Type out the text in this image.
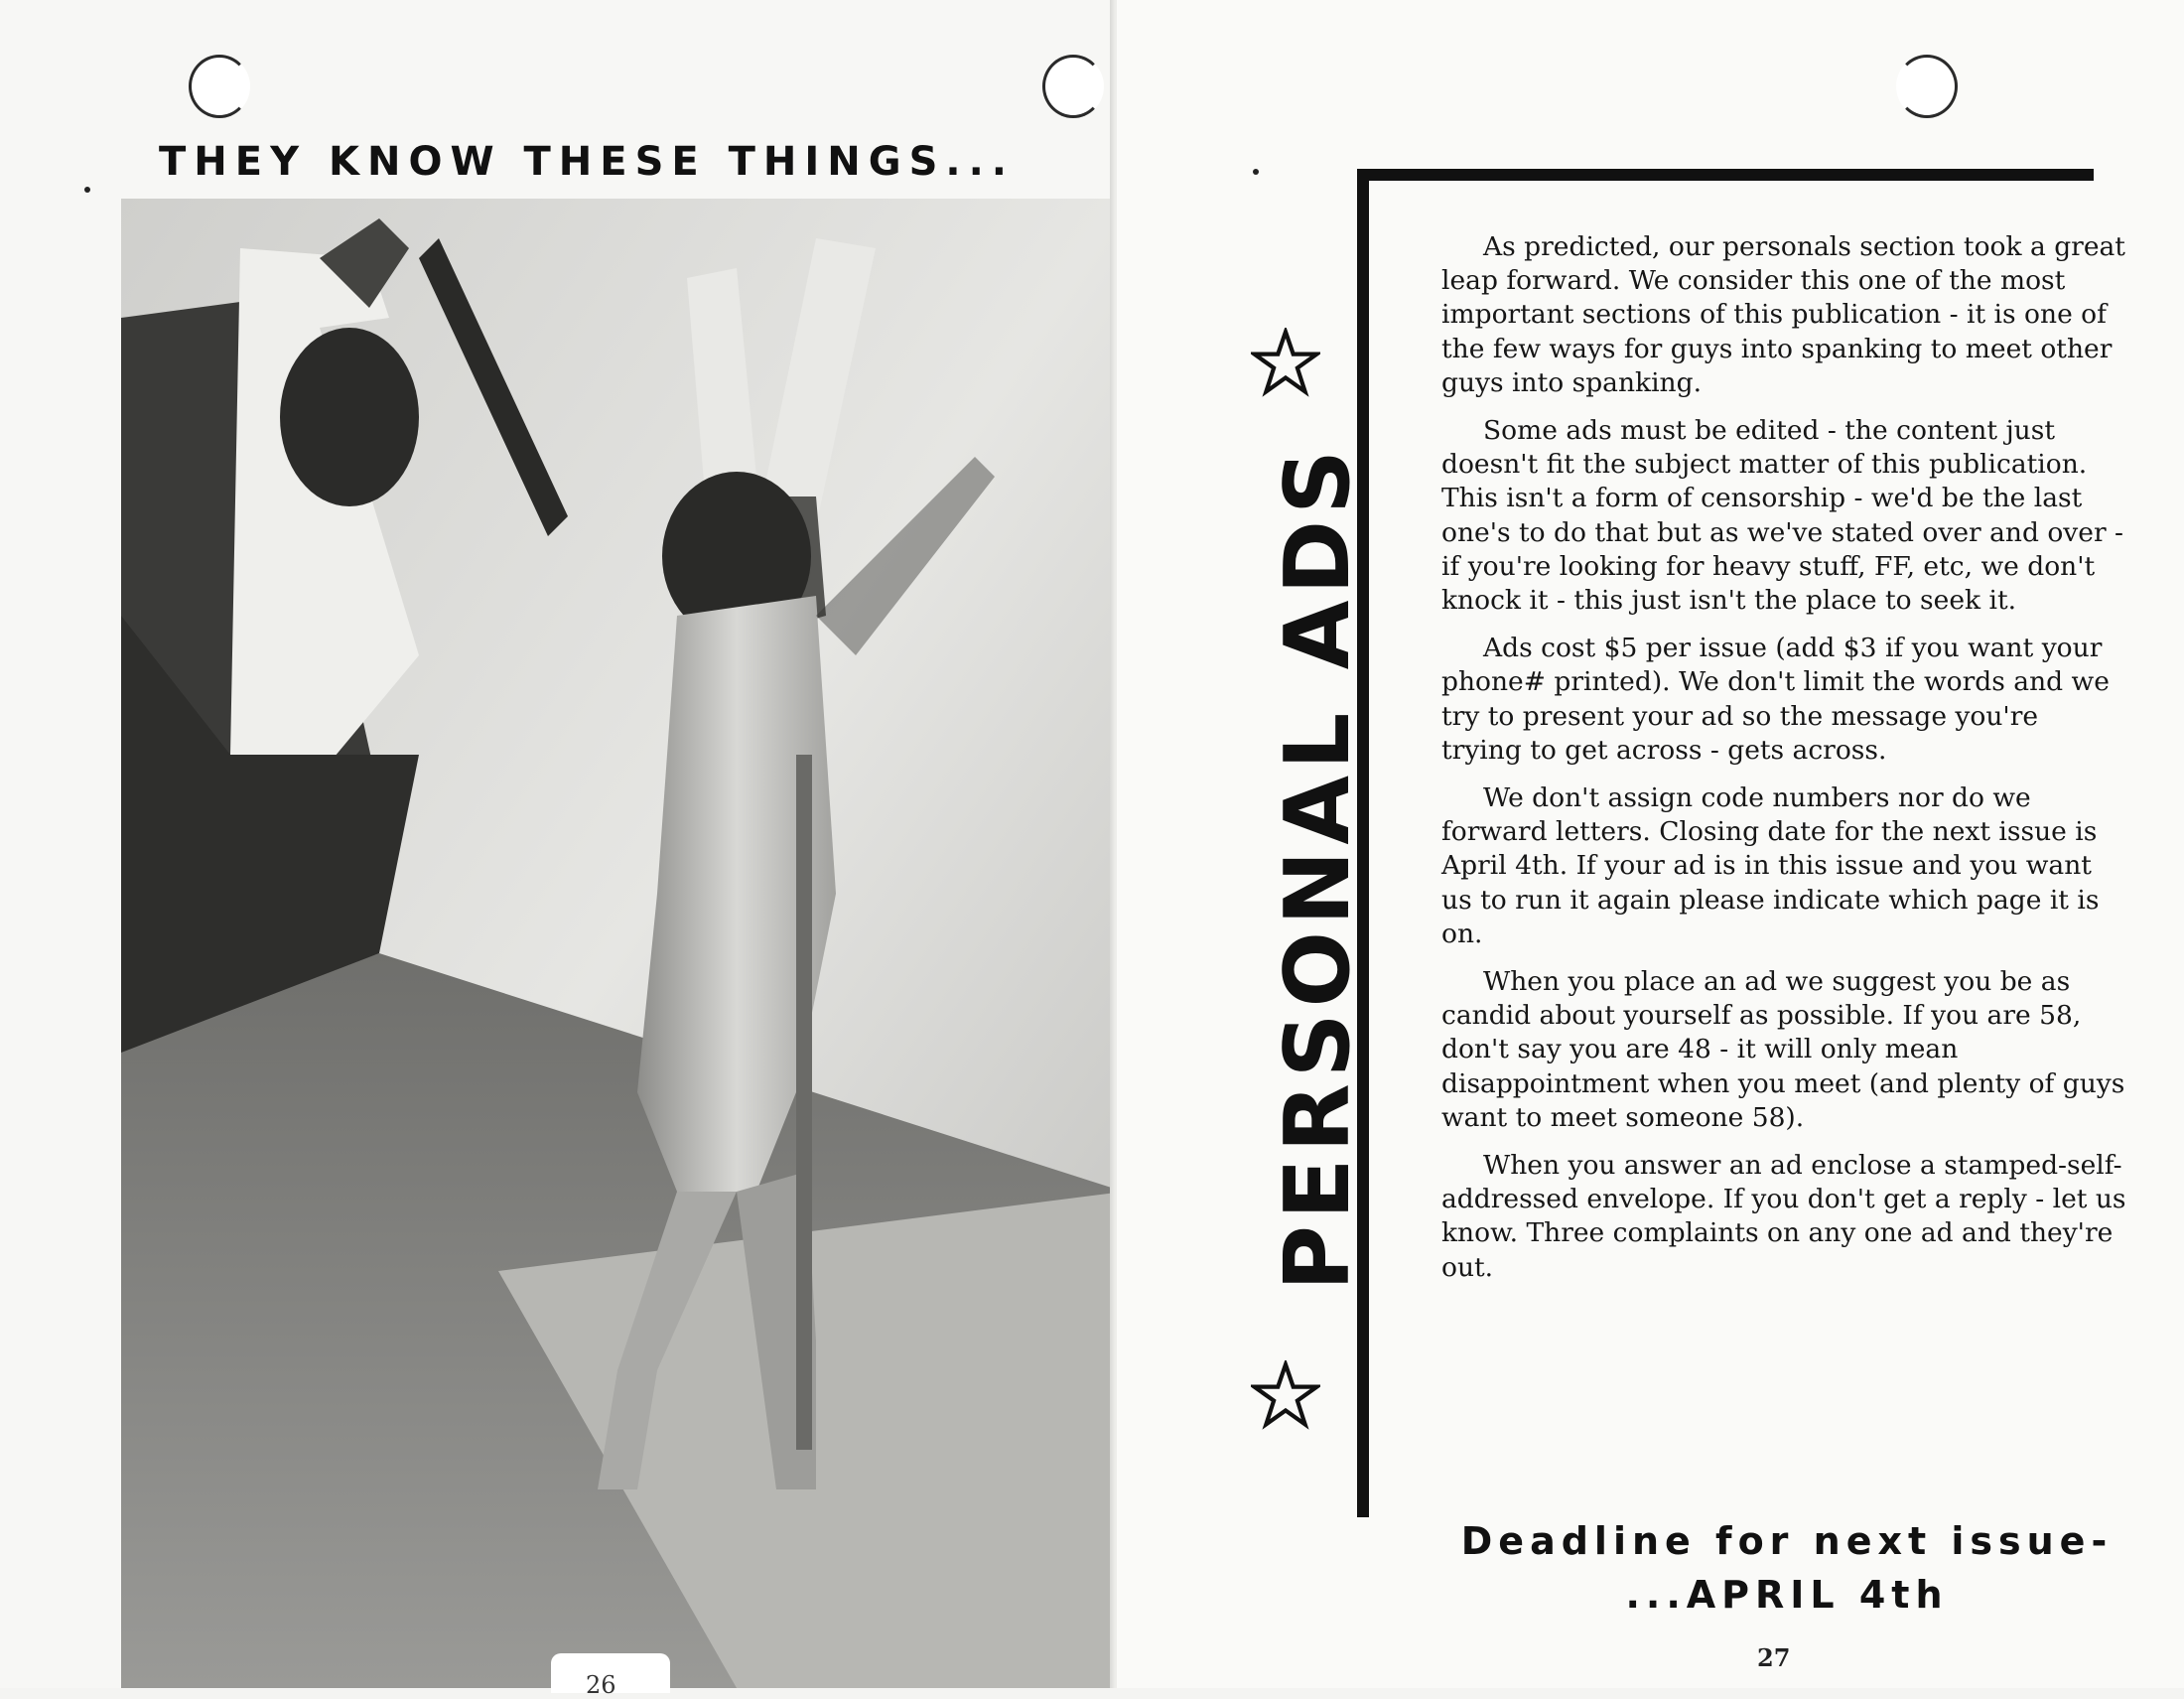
THEY KNOW THESE THINGS...
26
PERSONAL ADS

As predicted, our personals section took a great leap forward. We consider this one of the most important sections of this publication - it is one of the few ways for guys into spanking to meet other guys into spanking.

Some ads must be edited - the content just doesn't fit the subject matter of this publication. This isn't a form of censorship - we'd be the last one's to do that but as we've stated over and over - if you're looking for heavy stuff, FF, etc, we don't knock it - this just isn't the place to seek it.

Ads cost $5 per issue (add $3 if you want your phone# printed). We don't limit the words and we try to present your ad so the message you're trying to get across - gets across.

We don't assign code numbers nor do we forward letters. Closing date for the next issue is April 4th. If your ad is in this issue and you want us to run it again please indicate which page it is on.

When you place an ad we suggest you be as candid about yourself as possible. If you are 58, don't say you are 48 - it will only mean disappointment when you meet (and plenty of guys want to meet someone 58).

When you answer an ad enclose a stamped-self-addressed envelope. If you don't get a reply - let us know. Three complaints on any one ad and they're out.

Deadline for next issue-
...APRIL 4th
27
